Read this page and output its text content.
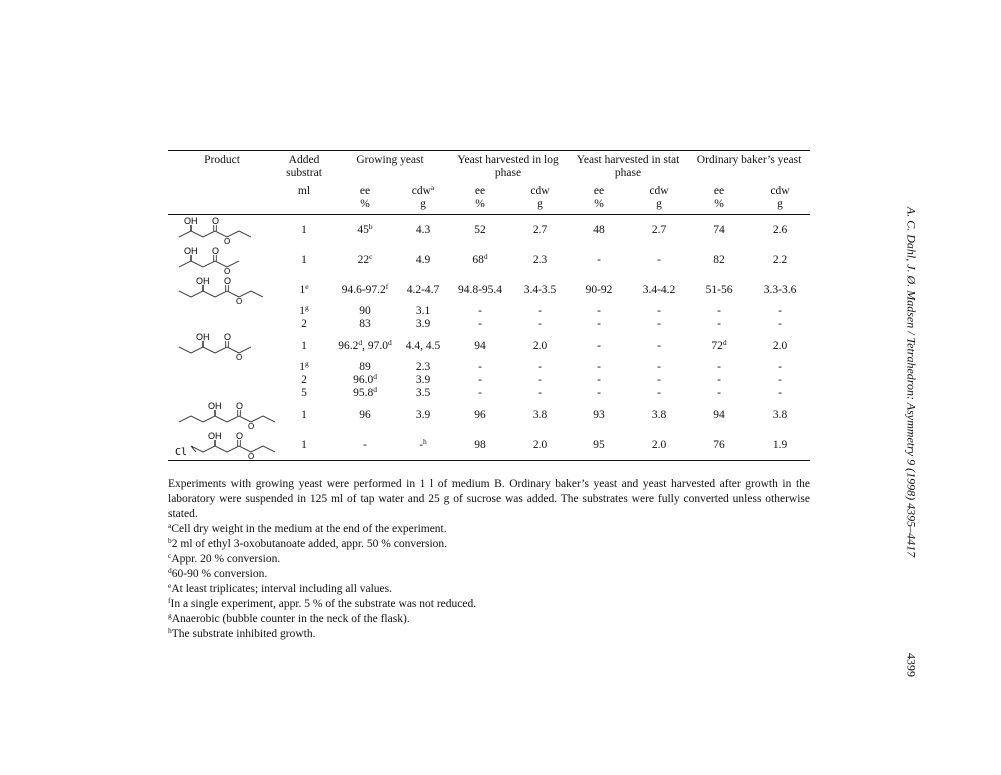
Product	Added	Growing yeast		Yeast harvested in log		Yeast harvested in stat		Ordinary baker’s yeast	
	substrat			phase		phase			
	ml	ee	cdw$^a$	ee	cdw	ee	cdw	ee	cdw
		%	g	%	g	%	g	%	g

OH O
O	1	45$^b$	4.3	52	2.7	48	2.7	74	2.6

OH O
O	1	22$^c$	4.9	68$^d$	2.3	-	-	82	2.2

OH O
O	1e	94.6-97.2$^f$	4.2-4.7	94.8-95.4	3.4-3.5	90-92	3.4-4.2	51-56	3.3-3.6
	1$^g$	90	3.1	-	-	-	-	-	-
	2	83	3.9	-	-	-	-	-	-

OH O
O	1	96.2$^d$, 97.0$^d$	4.4, 4.5	94	2.0	-	-	72$^d$	2.0
	1$^g$	89	2.3	-	-	-	-	-	-
	2	96.0$^d$	3.9	-	-	-	-	-	-
	5	95.8$^d$	3.5	-	-	-	-	-	-

OH O
O	1	96	3.9	96	3.8	93	3.8	94	3.8

OH O
O
Cl	1	-	-$^h$	98	2.0	95	2.0	76	1.9

Experiments with growing yeast were performed in 1 l of medium B. Ordinary baker’s yeast and yeast harvested after growth in the laboratory were suspended in 125 ml of tap water and 25 g of sucrose was added. The substrates were fully converted unless otherwise stated.

$^a$Cell dry weight in the medium at the end of the experiment.

$^b$2 ml of ethyl 3-oxobutanoate added, appr. 50 % conversion.

$^c$Appr. 20 % conversion.

$^d$60-90 % conversion.

$^e$At least triplicates; interval including all values.

$^f$In a single experiment, appr. 5 % of the substrate was not reduced.

$^g$Anaerobic (bubble counter in the neck of the flask).

$^h$The substrate inhibited growth.

A. C. Dahl, J. Ø. Madsen / Tetrahedron: Asymmetry 9 (1998) 4395–4417
4399
